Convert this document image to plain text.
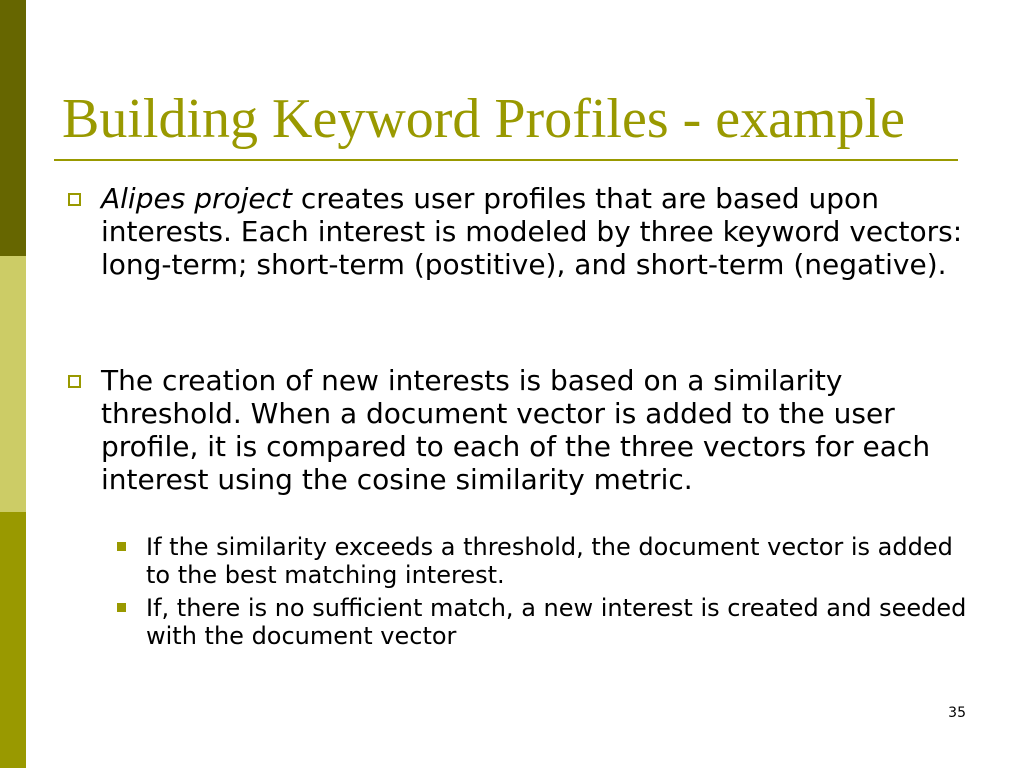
Building Keyword Profiles - example
Alipes project creates user profiles that are based upon interests. Each interest is modeled by three keyword vectors: long-term; short-term (postitive), and short-term (negative).
The creation of new interests is based on a similarity threshold. When a document vector is added to the user profile, it is compared to each of the three vectors for each interest using the cosine similarity metric.
If the similarity exceeds a threshold, the document vector is added to the best matching interest.
If, there is no sufficient match, a new interest is created and seeded with the document vector
35
